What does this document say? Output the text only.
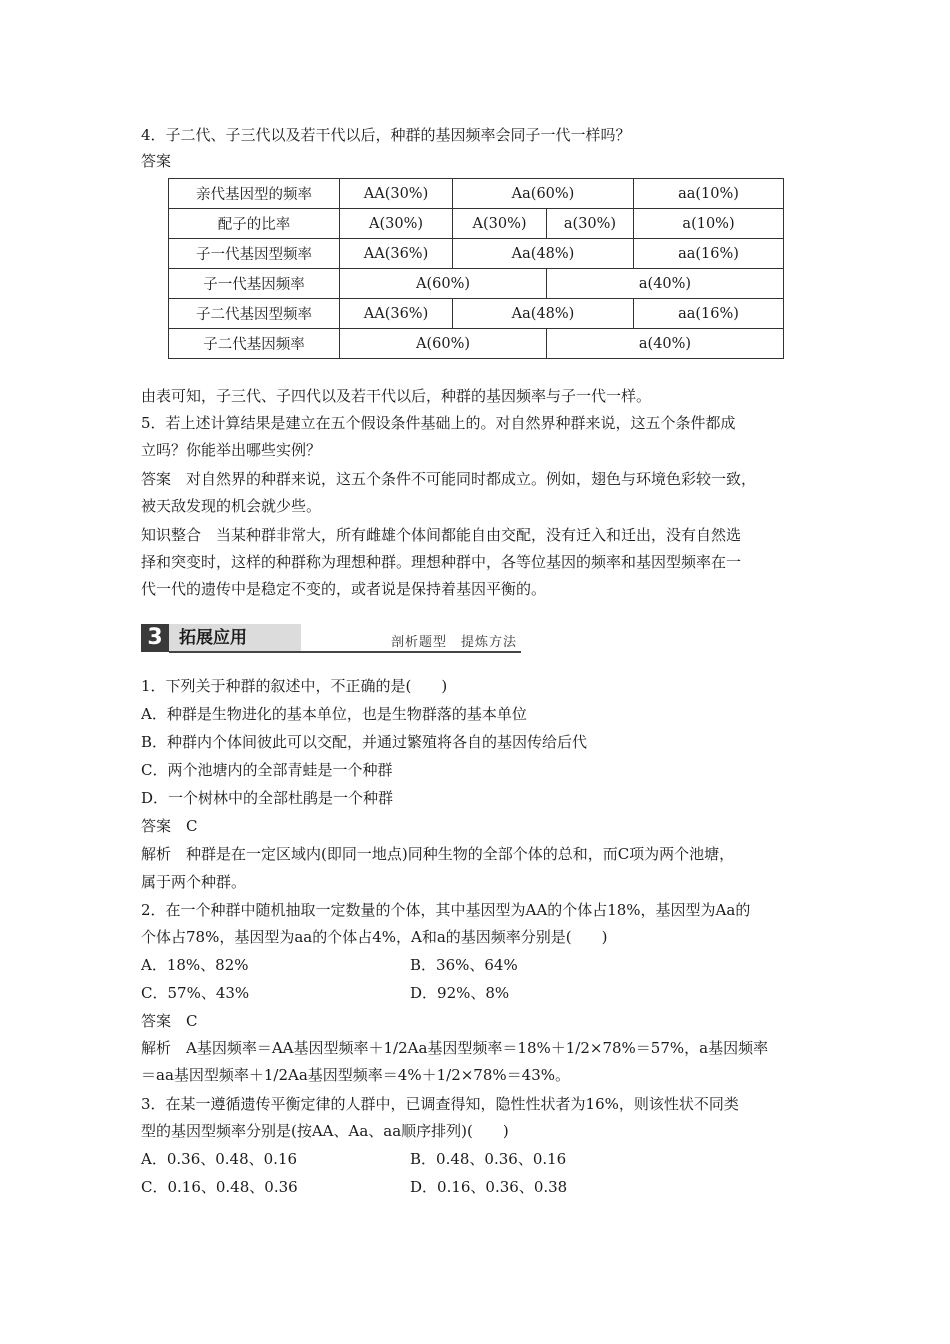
4．子二代、子三代以及若干代以后，种群的基因频率会同子一代一样吗？
答案
亲代基因型的频率	AA(30%)	Aa(60%)		aa(10%)
配子的比率	A(30%)	A(30%)	a(30%)	a(10%)
子一代基因型频率	AA(36%)	Aa(48%)		aa(16%)
子一代基因频率	A(60%)		a(40%)	
子二代基因型频率	AA(36%)	Aa(48%)		aa(16%)
子二代基因频率	A(60%)		a(40%)	
由表可知，子三代、子四代以及若干代以后，种群的基因频率与子一代一样。
5．若上述计算结果是建立在五个假设条件基础上的。对自然界种群来说，这五个条件都成
立吗？你能举出哪些实例？
答案　对自然界的种群来说，这五个条件不可能同时都成立。例如，翅色与环境色彩较一致，
被天敌发现的机会就少些。
知识整合　当某种群非常大，所有雌雄个体间都能自由交配，没有迁入和迁出，没有自然选
择和突变时，这样的种群称为理想种群。理想种群中，各等位基因的频率和基因型频率在一
代一代的遗传中是稳定不变的，或者说是保持着基因平衡的。
3 拓展应用	剖析题型　提炼方法
1．下列关于种群的叙述中，不正确的是(　　)
A．种群是生物进化的基本单位，也是生物群落的基本单位
B．种群内个体间彼此可以交配，并通过繁殖将各自的基因传给后代
C．两个池塘内的全部青蛙是一个种群
D．一个树林中的全部杜鹃是一个种群
答案　C
解析　种群是在一定区域内(即同一地点)同种生物的全部个体的总和，而C项为两个池塘，
属于两个种群。
2．在一个种群中随机抽取一定数量的个体，其中基因型为AA的个体占18%，基因型为Aa的
个体占78%，基因型为aa的个体占4%，A和a的基因频率分别是(　　)
A．18%、82%	B．36%、64%
C．57%、43%	D．92%、8%
答案　C
解析　A基因频率＝AA基因型频率＋1/2Aa基因型频率＝18%＋1/2×78%＝57%，a基因频率
＝aa基因型频率＋1/2Aa基因型频率＝4%＋1/2×78%＝43%。
3．在某一遵循遗传平衡定律的人群中，已调查得知，隐性性状者为16%，则该性状不同类
型的基因型频率分别是(按AA、Aa、aa顺序排列)(　　)
A．0.36、0.48、0.16	B．0.48、0.36、0.16
C．0.16、0.48、0.36	D．0.16、0.36、0.38
